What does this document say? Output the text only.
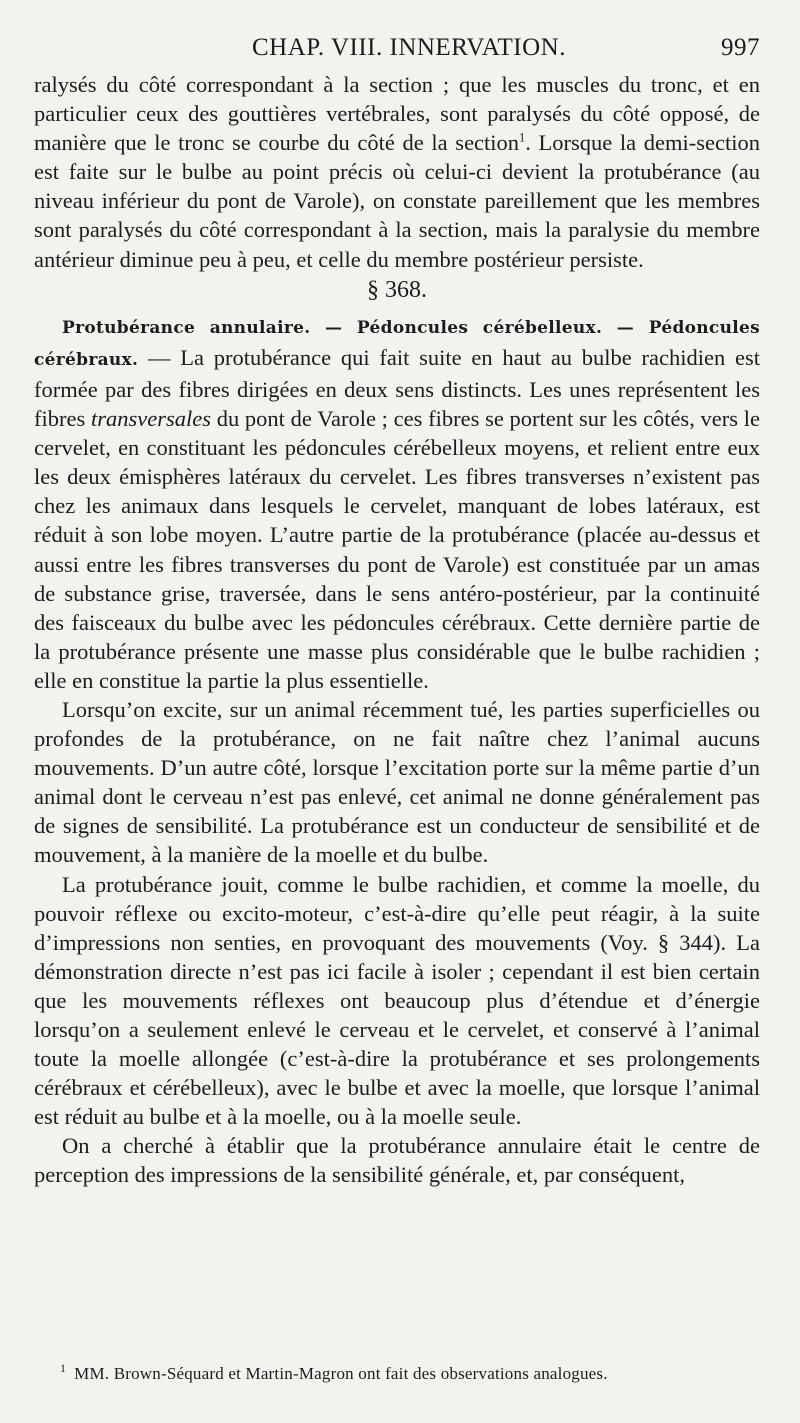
CHAP. VIII. INNERVATION.	997

ralysés du côté correspondant à la section ; que les muscles du tronc, et en particulier ceux des gouttières vertébrales, sont paralysés du côté opposé, de manière que le tronc se courbe du côté de la section$^1$. Lorsque la demi-section est faite sur le bulbe au point précis où celui-ci devient la protubérance (au niveau inférieur du pont de Varole), on constate pareillement que les membres sont paralysés du côté correspondant à la section, mais la paralysie du membre antérieur diminue peu à peu, et celle du membre postérieur persiste.

§ 368.

Protubérance annulaire. — Pédoncules cérébelleux. — Pédoncules cérébraux. — La protubérance qui fait suite en haut au bulbe rachidien est formée par des fibres dirigées en deux sens distincts. Les unes représentent les fibres transversales du pont de Varole ; ces fibres se portent sur les côtés, vers le cervelet, en constituant les pédoncules cérébelleux moyens, et relient entre eux les deux émisphères latéraux du cervelet. Les fibres transverses n’existent pas chez les animaux dans lesquels le cervelet, manquant de lobes latéraux, est réduit à son lobe moyen. L’autre partie de la protubérance (placée au-dessus et aussi entre les fibres transverses du pont de Varole) est constituée par un amas de substance grise, traversée, dans le sens antéro-postérieur, par la continuité des faisceaux du bulbe avec les pédoncules cérébraux. Cette dernière partie de la protubérance présente une masse plus considérable que le bulbe rachidien ; elle en constitue la partie la plus essentielle.

Lorsqu’on excite, sur un animal récemment tué, les parties superficielles ou profondes de la protubérance, on ne fait naître chez l’animal aucuns mouvements. D’un autre côté, lorsque l’excitation porte sur la même partie d’un animal dont le cerveau n’est pas enlevé, cet animal ne donne généralement pas de signes de sensibilité. La protubérance est un conducteur de sensibilité et de mouvement, à la manière de la moelle et du bulbe.

La protubérance jouit, comme le bulbe rachidien, et comme la moelle, du pouvoir réflexe ou excito-moteur, c’est-à-dire qu’elle peut réagir, à la suite d’impressions non senties, en provoquant des mouvements (Voy. § 344). La démonstration directe n’est pas ici facile à isoler ; cependant il est bien certain que les mouvements réflexes ont beaucoup plus d’étendue et d’énergie lorsqu’on a seulement enlevé le cerveau et le cervelet, et conservé à l’animal toute la moelle allongée (c’est-à-dire la protubérance et ses prolongements cérébraux et cérébelleux), avec le bulbe et avec la moelle, que lorsque l’animal est réduit au bulbe et à la moelle, ou à la moelle seule.

On a cherché à établir que la protubérance annulaire était le centre de perception des impressions de la sensibilité générale, et, par conséquent,

$^1$ MM. Brown-Séquard et Martin-Magron ont fait des observations analogues.
